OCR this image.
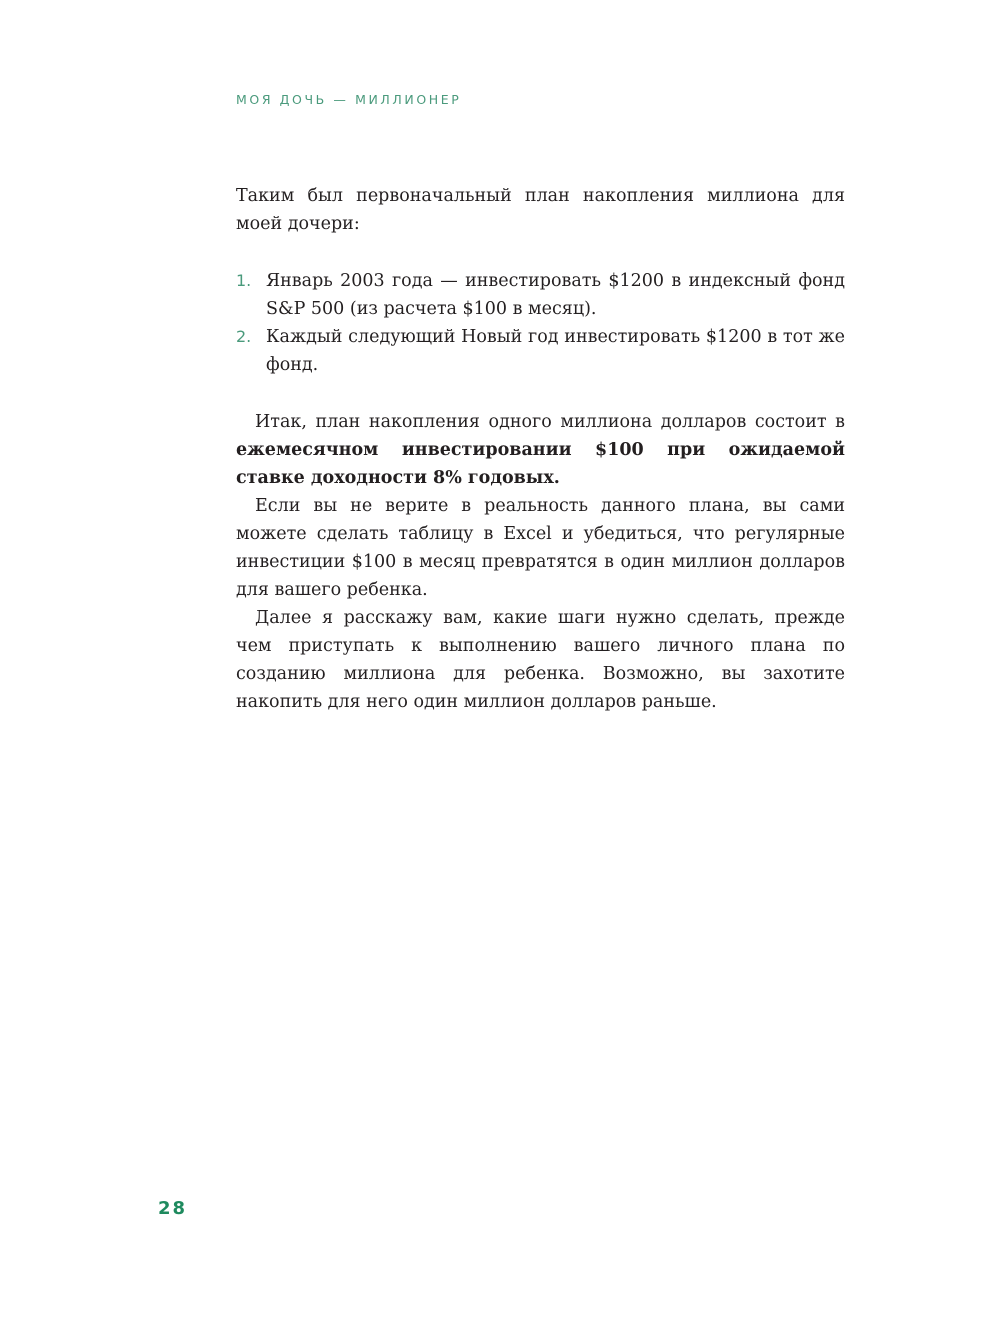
МОЯ ДОЧЬ — МИЛЛИОНЕР
Таким был первоначальный план накопления миллиона для моей дочери:
1. Январь 2003 года — инвестировать $1200 в индексный фонд S&P 500 (из расчета $100 в месяц).
2. Каждый следующий Новый год инвестировать $1200 в тот же фонд.

Итак, план накопления одного миллиона долларов состоит в ежемесячном инвестировании $100 при ожидаемой ставке доходности 8% годовых.

Если вы не верите в реальность данного плана, вы сами можете сделать таблицу в Excel и убедиться, что регулярные инвестиции $100 в месяц превратятся в один миллион долларов для вашего ребенка.

Далее я расскажу вам, какие шаги нужно сделать, прежде чем приступать к выполнению вашего личного плана по созданию миллиона для ребенка. Возможно, вы захотите накопить для него один миллион долларов раньше.

28
